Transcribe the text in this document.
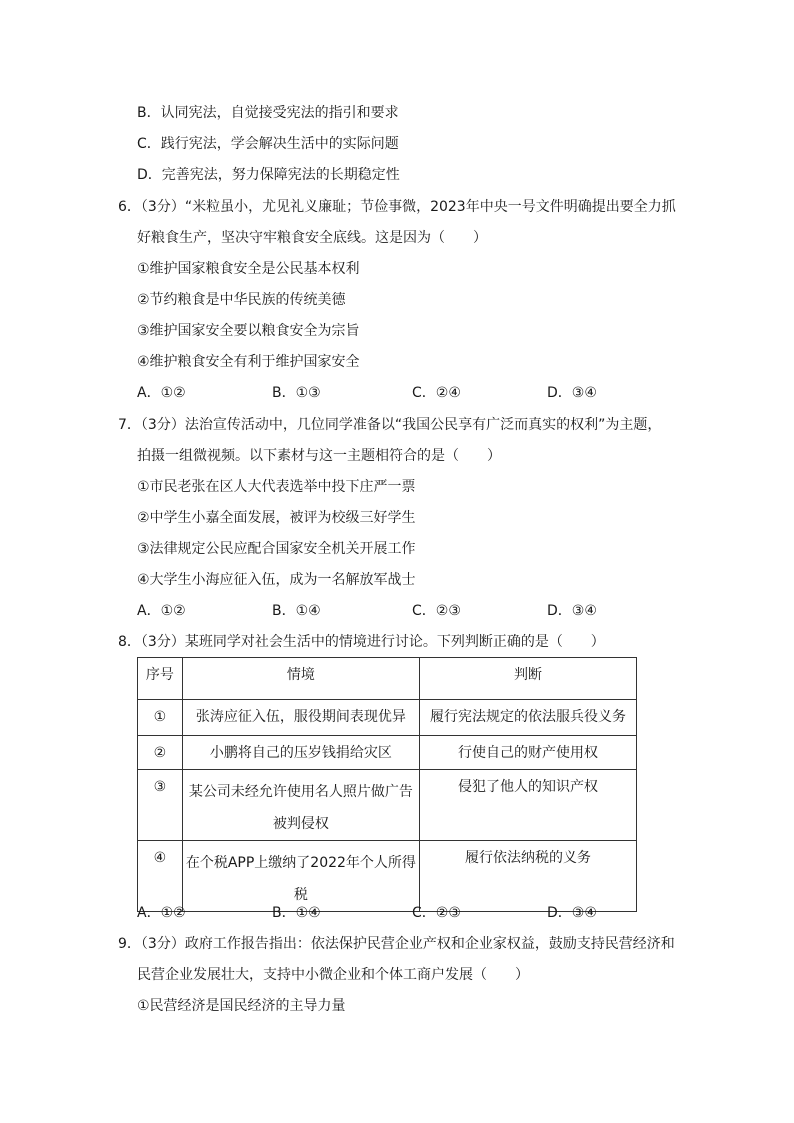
B．认同宪法，自觉接受宪法的指引和要求
C．践行宪法，学会解决生活中的实际问题
D．完善宪法，努力保障宪法的长期稳定性
6．（3分）“米粒虽小，尤见礼义廉耻；节俭事微，2023年中央一号文件明确提出要全力抓
好粮食生产，坚决守牢粮食安全底线。这是因为（　　）
①维护国家粮食安全是公民基本权利
②节约粮食是中华民族的传统美德
③维护国家安全要以粮食安全为宗旨
④维护粮食安全有利于维护国家安全
A．①②	B．①③	C．②④	D．③④
7．（3分）法治宣传活动中，几位同学准备以“我国公民享有广泛而真实的权利”为主题，
拍摄一组微视频。以下素材与这一主题相符合的是（　　）
①市民老张在区人大代表选举中投下庄严一票
②中学生小嘉全面发展，被评为校级三好学生
③法律规定公民应配合国家安全机关开展工作
④大学生小海应征入伍，成为一名解放军战士
A．①②	B．①④	C．②③	D．③④
8．（3分）某班同学对社会生活中的情境进行讨论。下列判断正确的是（　　）
序号	情境	判断
①	张涛应征入伍，服役期间表现优异	履行宪法规定的依法服兵役义务
②	小鹏将自己的压岁钱捐给灾区	行使自己的财产使用权
③	某公司未经允许使用名人照片做广告
被判侵权	侵犯了他人的知识产权
④	在个税APP上缴纳了2022年个人所得
税	履行依法纳税的义务
A．①②	B．①④	C．②③	D．③④
9．（3分）政府工作报告指出：依法保护民营企业产权和企业家权益，鼓励支持民营经济和
民营企业发展壮大，支持中小微企业和个体工商户发展（　　）
①民营经济是国民经济的主导力量
